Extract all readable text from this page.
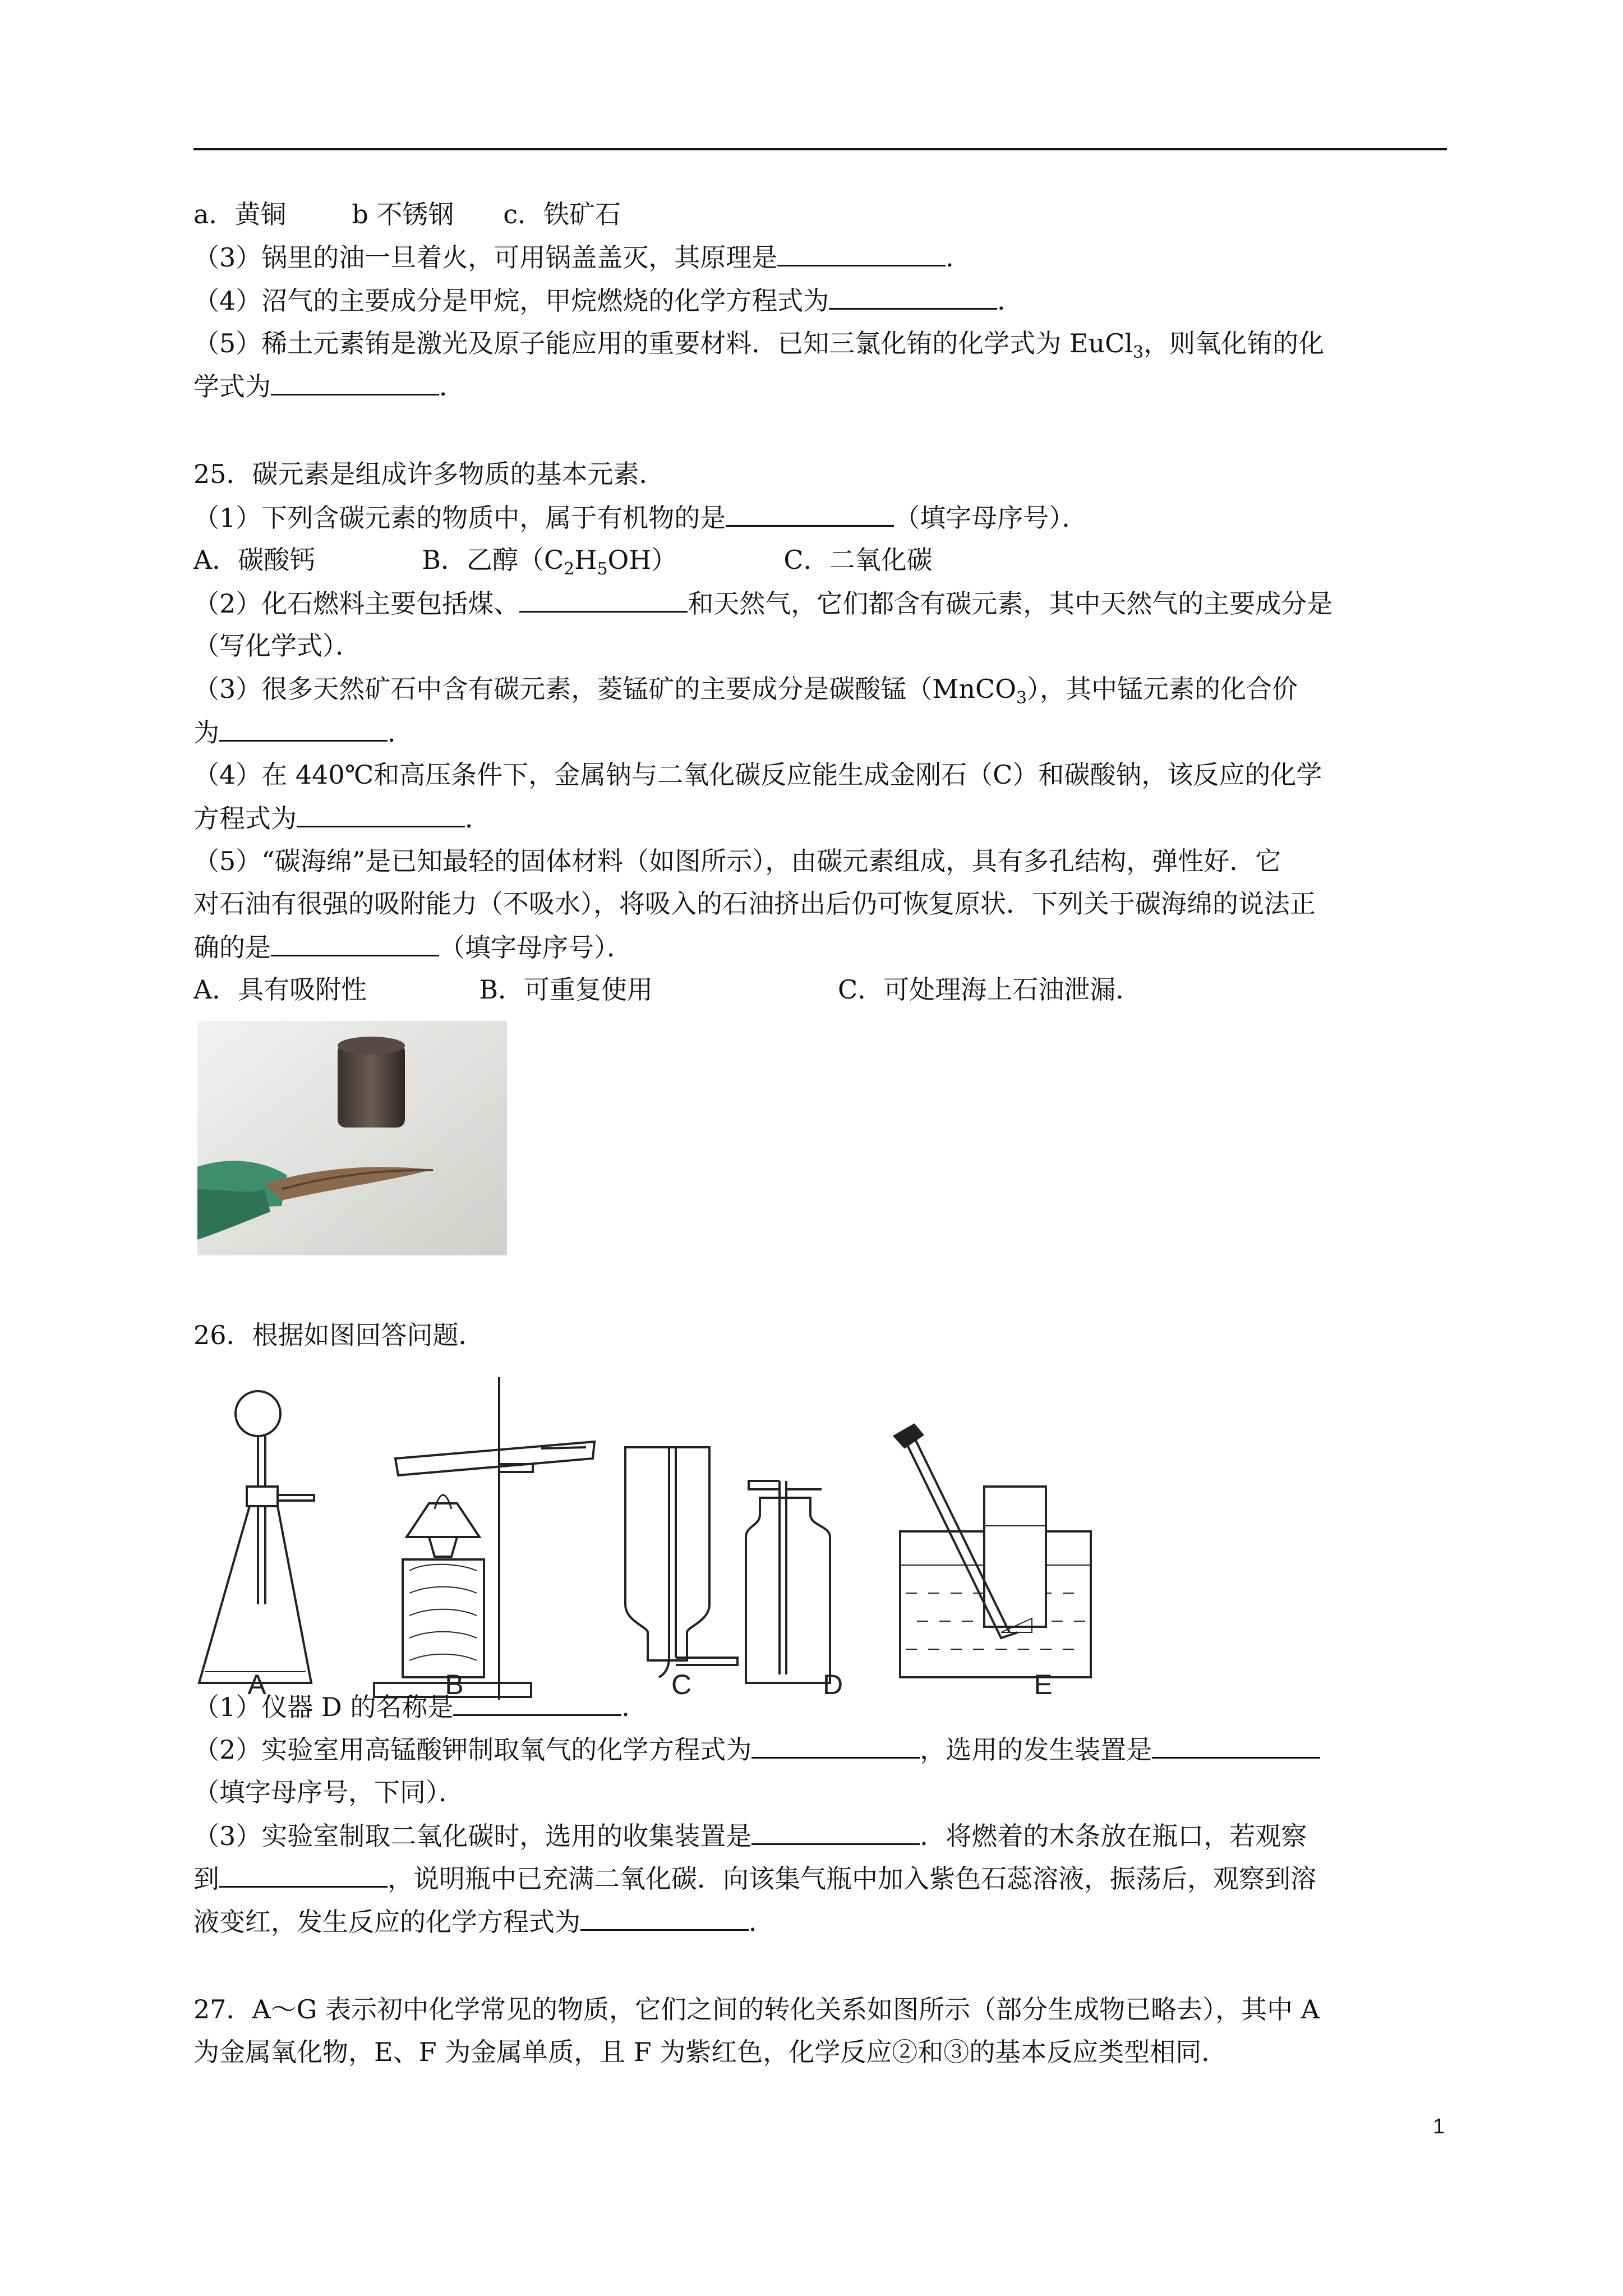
a．黄铜        b 不锈钢      c．铁矿石
（3）锅里的油一旦着火，可用锅盖盖灭，其原理是	．
（4）沼气的主要成分是甲烷，甲烷燃烧的化学方程式为	．
（5）稀土元素铕是激光及原子能应用的重要材料．已知三氯化铕的化学式为 EuCl$_3$，则氧化铕的化
学式为	．
25．碳元素是组成许多物质的基本元素．
（1）下列含碳元素的物质中，属于有机物的是	（填字母序号）．
A．碳酸钙	B．乙醇$(C_2H_5OH)$	C．二氧化碳
（2）化石燃料主要包括煤、	和天然气，它们都含有碳元素，其中天然气的主要成分是
（写化学式）．
（3）很多天然矿石中含有碳元素，菱锰矿的主要成分是碳酸锰（MnCO$_3$），其中锰元素的化合价
为	．
（4）在 440℃和高压条件下，金属钠与二氧化碳反应能生成金刚石（C）和碳酸钠，该反应的化学
方程式为	．
（5）“碳海绵”是已知最轻的固体材料（如图所示），由碳元素组成，具有多孔结构，弹性好．它
对石油有很强的吸附能力（不吸水），将吸入的石油挤出后仍可恢复原状．下列关于碳海绵的说法正
确的是	（填字母序号）．
A．具有吸附性	B．可重复使用	C．可处理海上石油泄漏．
26．根据如图回答问题．
A	B	C	D	E
（1）仪器 D 的名称是	．
（2）实验室用高锰酸钾制取氧气的化学方程式为	，选用的发生装置是
（填字母序号，下同）．
（3）实验室制取二氧化碳时，选用的收集装置是	．将燃着的木条放在瓶口，若观察
到	，说明瓶中已充满二氧化碳．向该集气瓶中加入紫色石蕊溶液，振荡后，观察到溶
液变红，发生反应的化学方程式为	．
27．A～G 表示初中化学常见的物质，它们之间的转化关系如图所示（部分生成物已略去），其中 A
为金属氧化物，E、F 为金属单质，且 F 为紫红色，化学反应②和③的基本反应类型相同．
1
